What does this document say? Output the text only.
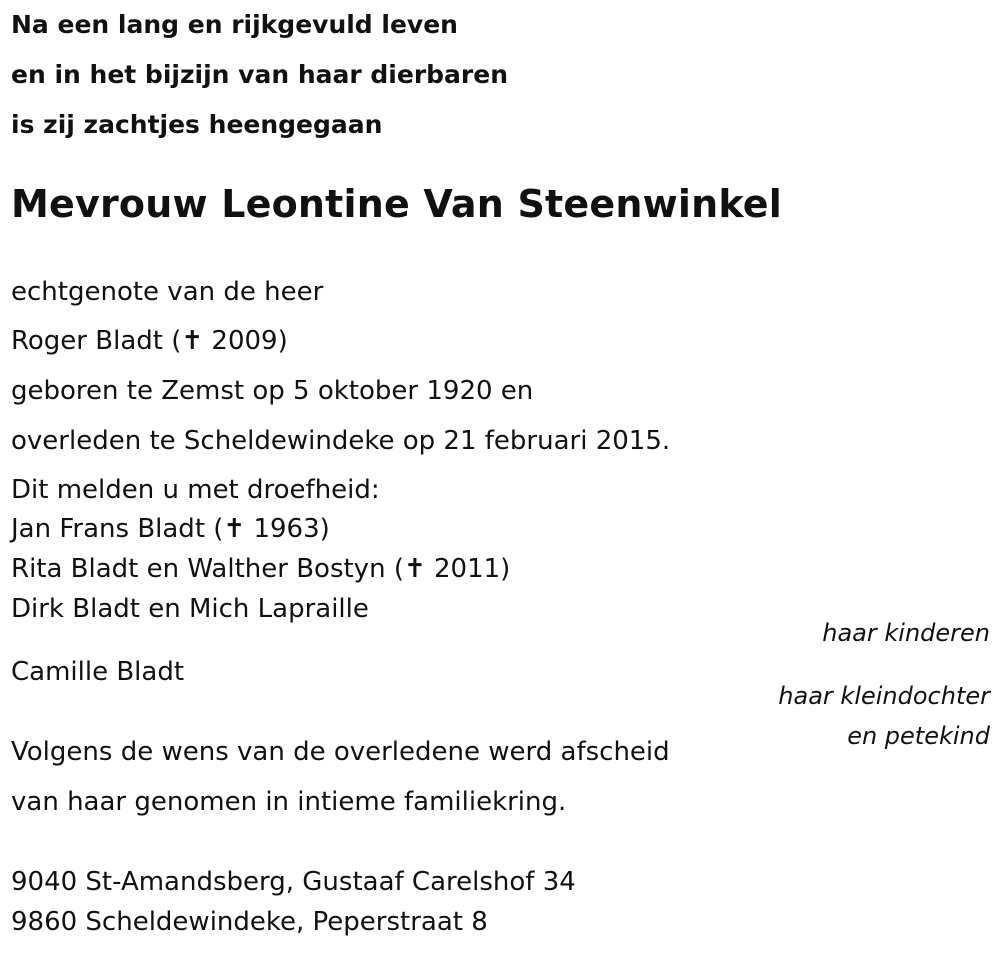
Na een lang en rijkgevuld leven

en in het bijzijn van haar dierbaren

is zij zachtjes heengegaan

Mevrouw Leontine Van Steenwinkel

echtgenote van de heer

Roger Bladt (✝ 2009)

geboren te Zemst op 5 oktober 1920 en

overleden te Scheldewindeke op 21 februari 2015.

Dit melden u met droefheid:

Jan Frans Bladt (✝ 1963)

Rita Bladt en Walther Bostyn (✝ 2011)

Dirk Bladt en Mich Lapraille

haar kinderen

Camille Bladt

haar kleindochter

en petekind

Volgens de wens van de overledene werd afscheid

van haar genomen in intieme familiekring.

9040 St-Amandsberg, Gustaaf Carelshof 34

9860 Scheldewindeke, Peperstraat 8
